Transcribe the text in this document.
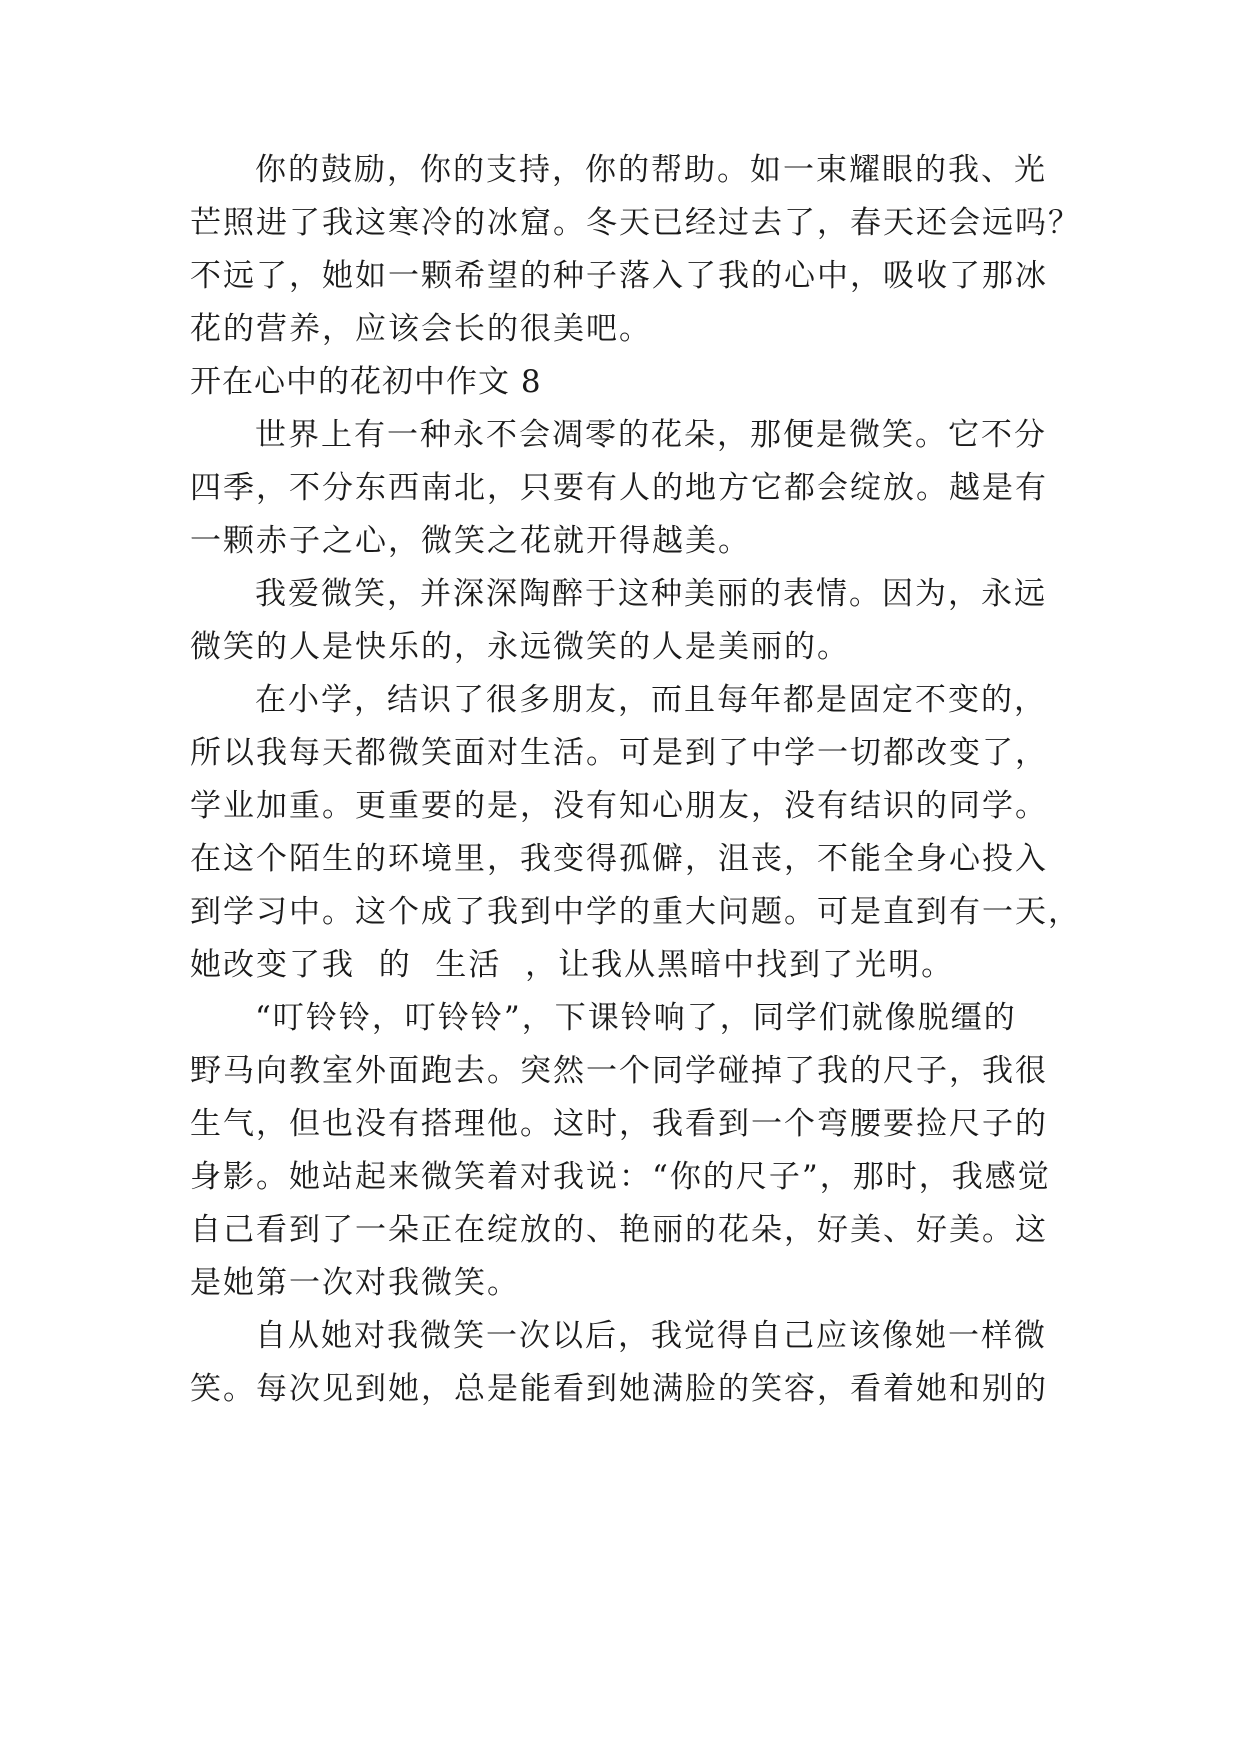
你的鼓励，你的支持，你的帮助。如一束耀眼的我、光
芒照进了我这寒冷的冰窟。冬天已经过去了，春天还会远吗？
不远了，她如一颗希望的种子落入了我的心中，吸收了那冰
花的营养，应该会长的很美吧。
开在心中的花初中作文 8
世界上有一种永不会凋零的花朵，那便是微笑。它不分
四季，不分东西南北，只要有人的地方它都会绽放。越是有
一颗赤子之心，微笑之花就开得越美。
我爱微笑，并深深陶醉于这种美丽的表情。因为，永远
微笑的人是快乐的，永远微笑的人是美丽的。
在小学，结识了很多朋友，而且每年都是固定不变的，
所以我每天都微笑面对生活。可是到了中学一切都改变了，
学业加重。更重要的是，没有知心朋友，没有结识的同学。
在这个陌生的环境里，我变得孤僻，沮丧，不能全身心投入
到学习中。这个成了我到中学的重大问题。可是直到有一天，
她改变了我  的  生活  ，让我从黑暗中找到了光明。
“叮铃铃，叮铃铃”，下课铃响了，同学们就像脱缰的
野马向教室外面跑去。突然一个同学碰掉了我的尺子，我很
生气，但也没有搭理他。这时，我看到一个弯腰要捡尺子的
身影。她站起来微笑着对我说：“你的尺子”，那时，我感觉
自己看到了一朵正在绽放的、艳丽的花朵，好美、好美。这
是她第一次对我微笑。
自从她对我微笑一次以后，我觉得自己应该像她一样微
笑。每次见到她，总是能看到她满脸的笑容，看着她和别的
